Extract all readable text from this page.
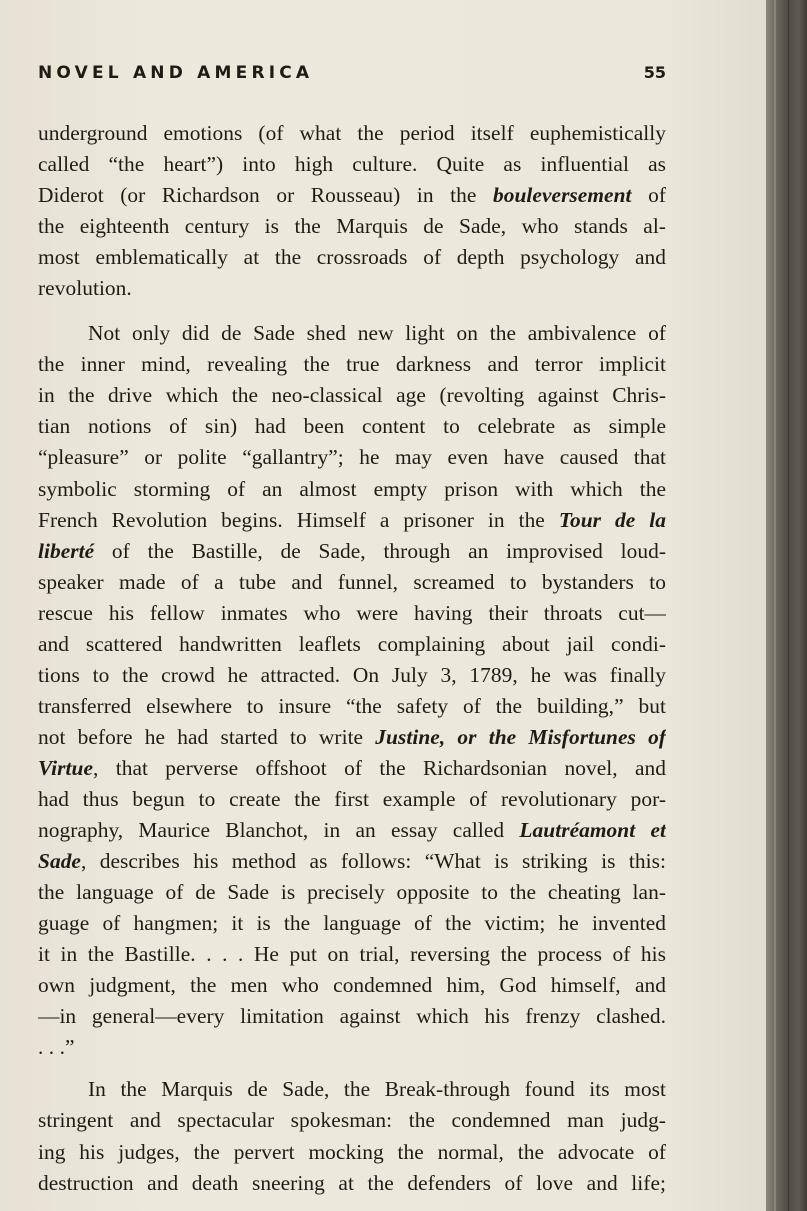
NOVEL AND AMERICA	55
underground emotions (of what the period itself euphemistically
called “the heart”) into high culture. Quite as influential as
Diderot (or Richardson or Rousseau) in the bouleversement of
the eighteenth century is the Marquis de Sade, who stands al-
most emblematically at the crossroads of depth psychology and
revolution.
Not only did de Sade shed new light on the ambivalence of
the inner mind, revealing the true darkness and terror implicit
in the drive which the neo-classical age (revolting against Chris-
tian notions of sin) had been content to celebrate as simple
“pleasure” or polite “gallantry”; he may even have caused that
symbolic storming of an almost empty prison with which the
French Revolution begins. Himself a prisoner in the Tour de la
liberté of the Bastille, de Sade, through an improvised loud-
speaker made of a tube and funnel, screamed to bystanders to
rescue his fellow inmates who were having their throats cut—
and scattered handwritten leaflets complaining about jail condi-
tions to the crowd he attracted. On July 3, 1789, he was finally
transferred elsewhere to insure “the safety of the building,” but
not before he had started to write Justine, or the Misfortunes of
Virtue, that perverse offshoot of the Richardsonian novel, and
had thus begun to create the first example of revolutionary por-
nography, Maurice Blanchot, in an essay called Lautréamont et
Sade, describes his method as follows: “What is striking is this:
the language of de Sade is precisely opposite to the cheating lan-
guage of hangmen; it is the language of the victim; he invented
it in the Bastille. . . . He put on trial, reversing the process of his
own judgment, the men who condemned him, God himself, and
—in general—every limitation against which his frenzy clashed.
. . .”
In the Marquis de Sade, the Break-through found its most
stringent and spectacular spokesman: the condemned man judg-
ing his judges, the pervert mocking the normal, the advocate of
destruction and death sneering at the defenders of love and life;
